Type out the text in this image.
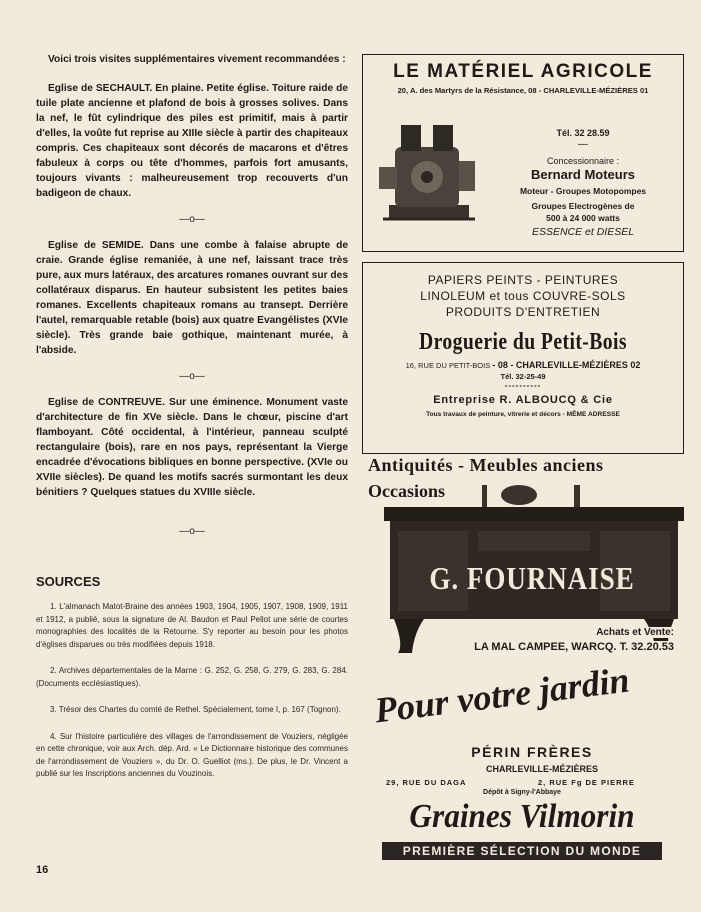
Voici trois visites supplémentaires vivement recommandées :

Eglise de SECHAULT. En plaine. Petite église. Toiture raide de tuile plate ancienne et plafond de bois à grosses solives. Dans la nef, le fût cylindrique des piles est primitif, mais à partir d'elles, la voûte fut reprise au XIIIe siècle à partir des chapiteaux compris. Ces chapiteaux sont décorés de macarons et d'êtres fabuleux à corps ou tête d'hommes, parfois fort amusants, toujours vivants : malheureusement trop recouverts d'un badigeon de chaux.

—o—

Eglise de SEMIDE. Dans une combe à falaise abrupte de craie. Grande église remaniée, à une nef, laissant trace très pure, aux murs latéraux, des arcatures romanes ouvrant sur des collatéraux disparus. En hauteur subsistent les petites baies romanes. Excellents chapiteaux romans au transept. Derrière l'autel, remarquable retable (bois) aux quatre Evangélistes (XVIe siècle). Très grande baie gothique, maintenant murée, à l'abside.

—o—

Eglise de CONTREUVE. Sur une éminence. Monument vaste d'architecture de fin XVe siècle. Dans le chœur, piscine d'art flamboyant. Côté occidental, à l'intérieur, panneau sculpté rectangulaire (bois), rare en nos pays, représentant la Vierge encadrée d'évocations bibliques en bonne perspective. (XVIe ou XVIIe siècles). De quand les motifs sacrés surmontant les deux bénitiers ? Quelques statues du XVIIIe siècle.

—o—
SOURCES

1. L'almanach Matot-Braine des années 1903, 1904, 1905, 1907, 1908, 1909, 1911 et 1912, a publié, sous la signature de Al. Baudon et Paul Pellot une série de courtes monographies des localités de la Retourne. S'y reporter au besoin pour les photos d'églises disparues ou très modifiées depuis 1918.

2. Archives départementales de la Marne : G. 252, G. 258, G. 279, G. 283, G. 284. (Documents ecclésiastiques).

3. Trésor des Chartes du comté de Rethel. Spécialement, tome I, p. 167 (Tognon).

4. Sur l'histoire particulière des villages de l'arrondissement de Vouziers, négligée en cette chronique, voir aux Arch. dép. Ard. « Le Dictionnaire historique des communes de l'arrondissement de Vouziers », du Dr. O. Guelliot (ms.). De plus, le Dr. Vincent a publié sur les Inscriptions anciennes du Vouzinois.

16
LE MATÉRIEL AGRICOLE
20, A. des Martyrs de la Résistance, 08 - CHARLEVILLE-MÉZIÈRES 01
Tél. 32 28.59
—
Concessionnaire :
Bernard Moteurs
Moteur - Groupes Motopompes
Groupes Electrogènes de
500 à 24 000 watts
ESSENCE et DIESEL
PAPIERS PEINTS - PEINTURES
LINOLEUM et tous COUVRE-SOLS
PRODUITS D'ENTRETIEN
Droguerie du Petit-Bois
16, RUE DU PETIT-BOIS - 08 - CHARLEVILLE-MÉZIÈRES 02
Tél. 32-25-49
----------
Entreprise R. ALBOUCQ & Cie
Tous travaux de peinture, vitrerie et décors - MÊME ADRESSE
Antiquités - Meubles anciens
Occasions
G. FOURNAISE
Achats et Vente:
LA MAL CAMPEE, WARCQ. T. 32.20.53
Pour votre jardin
PÉRIN FRÈRES
CHARLEVILLE-MÉZIÈRES
29, RUE DU DAGA	2, RUE Fg DE PIERRE
Dépôt à Signy-l'Abbaye
Graines Vilmorin
PREMIÈRE SÉLECTION DU MONDE
